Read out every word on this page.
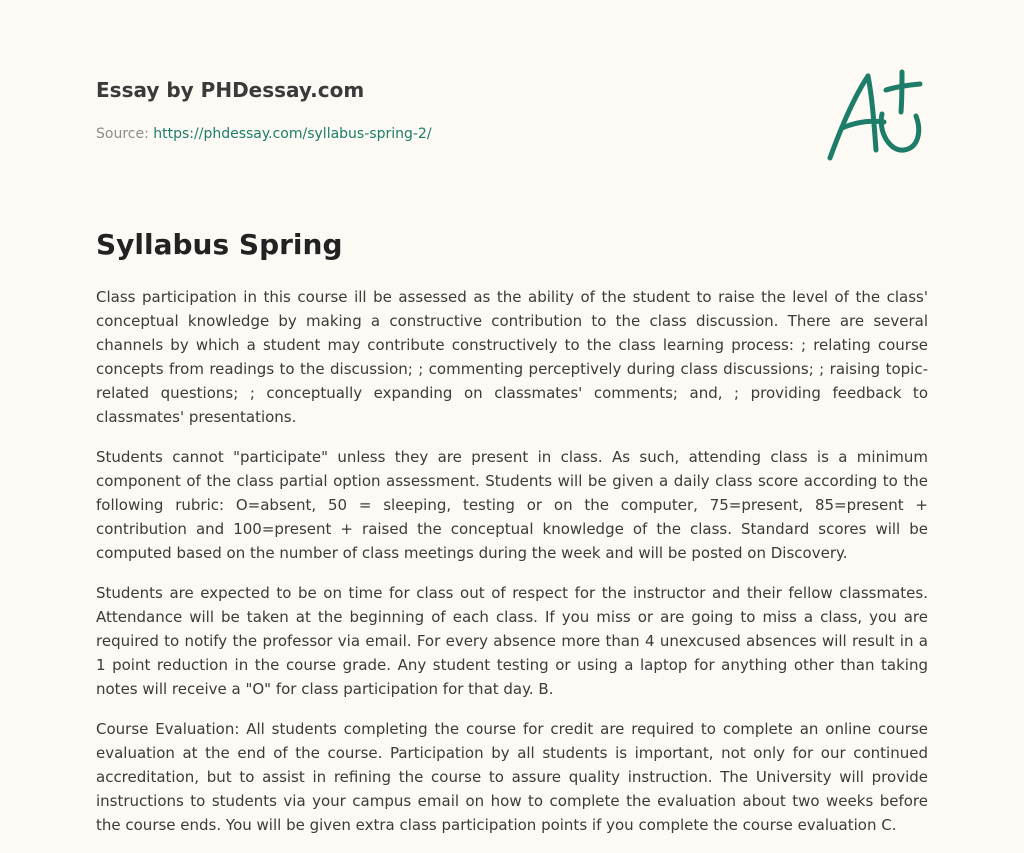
Essay by PHDessay.com
Source: https://phdessay.com/syllabus-spring-2/
Syllabus Spring

Class participation in this course ill be assessed as the ability of the student to raise the level of the class' conceptual knowledge by making a constructive contribution to the class discussion. There are several channels by which a student may contribute constructively to the class learning process: ; relating course concepts from readings to the discussion; ; commenting perceptively during class discussions; ; raising topic-related questions; ; conceptually expanding on classmates' comments; and, ; providing feedback to classmates' presentations.

Students cannot "participate" unless they are present in class. As such, attending class is a minimum component of the class partial option assessment. Students will be given a daily class score according to the following rubric: O=absent, 50 = sleeping, testing or on the computer, 75=present, 85=present + contribution and 100=present + raised the conceptual knowledge of the class. Standard scores will be computed based on the number of class meetings during the week and will be posted on Discovery.

Students are expected to be on time for class out of respect for the instructor and their fellow classmates. Attendance will be taken at the beginning of each class. If you miss or are going to miss a class, you are required to notify the professor via email. For every absence more than 4 unexcused absences will result in a 1 point reduction in the course grade. Any student testing or using a laptop for anything other than taking notes will receive a "O" for class participation for that day. B.

Course Evaluation: All students completing the course for credit are required to complete an online course evaluation at the end of the course. Participation by all students is important, not only for our continued accreditation, but to assist in refining the course to assure quality instruction. The University will provide instructions to students via your campus email on how to complete the evaluation about two weeks before the course ends. You will be given extra class participation points if you complete the course evaluation C.
